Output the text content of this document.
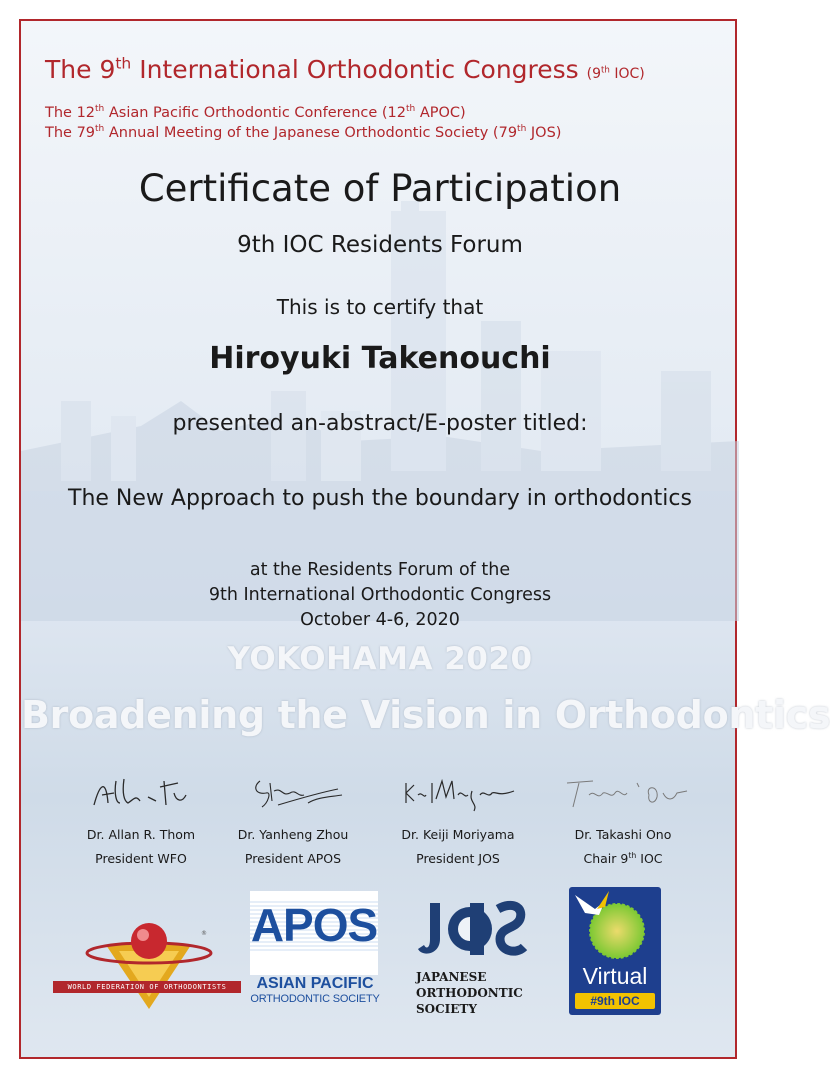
The 9th International Orthodontic Congress (9th IOC)
The 12th Asian Pacific Orthodontic Conference (12th APOC)
The 79th Annual Meeting of the Japanese Orthodontic Society (79th JOS)
Certificate of Participation
9th IOC Residents Forum
This is to certify that
Hiroyuki Takenouchi
presented an-abstract/E-poster titled:
The New Approach to push the boundary in orthodontics
at the Residents Forum of the
9th International Orthodontic Congress
October 4-6, 2020
YOKOHAMA 2020
Broadening the Vision in Orthodontics
Dr. Allan R. Thom
President WFO
Dr. Yanheng Zhou
President APOS
Dr. Keiji Moriyama
President JOS
Dr. Takashi Ono
Chair 9th IOC
®
WORLD FEDERATION OF ORTHODONTISTS
APOS
ASIAN PACIFIC
ORTHODONTIC SOCIETY
JAPANESE
ORTHODONTIC
SOCIETY
Virtual
#9th IOC
